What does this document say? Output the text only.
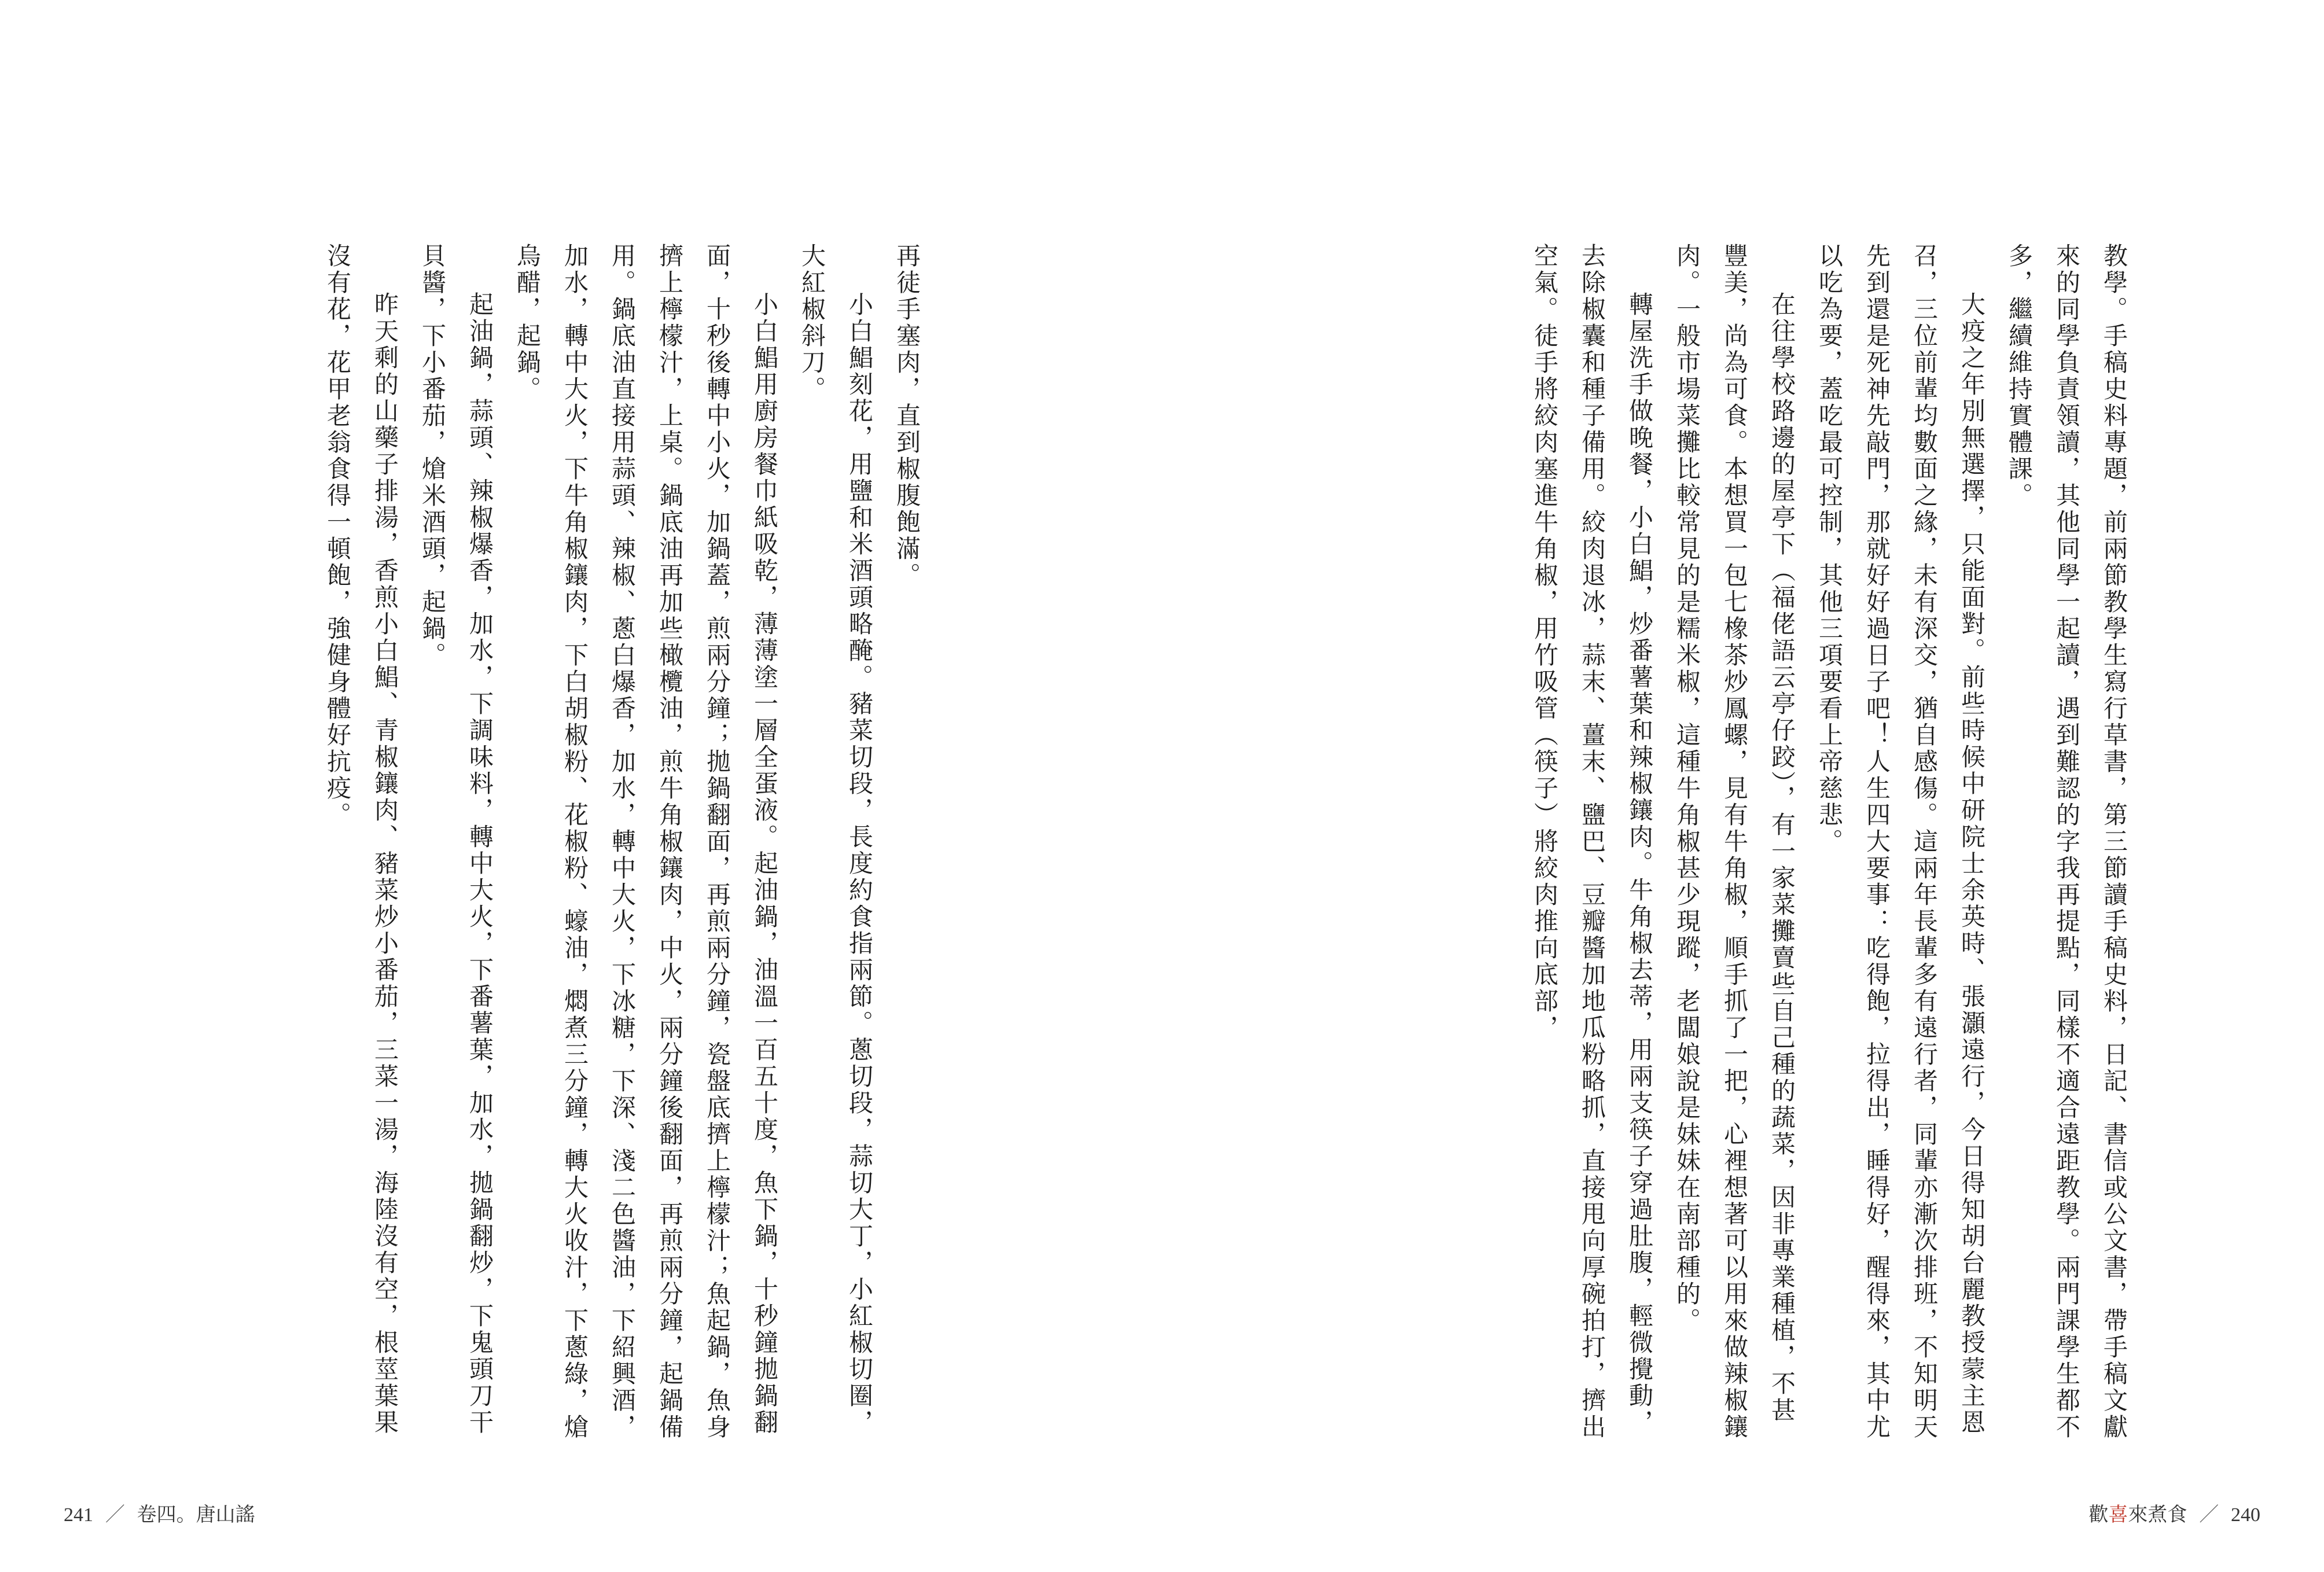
教學。手稿史料專題，前兩節教學生寫行草書，第三節讀手稿史料，日記、書信或公文書，帶手稿文獻來的同學負責領讀，其他同學一起讀，遇到難認的字我再提點，同樣不適合遠距教學。兩門課學生都不多，繼續維持實體課。

大疫之年別無選擇，只能面對。前些時候中研院士余英時、張灝遠行，今日得知胡台麗教授蒙主恩召，三位前輩均數面之緣，未有深交，猶自感傷。這兩年長輩多有遠行者，同輩亦漸次排班，不知明天先到還是死神先敲門，那就好好過日子吧！人生四大要事：吃得飽，拉得出，睡得好，醒得來，其中尤以吃為要，蓋吃最可控制，其他三項要看上帝慈悲。

在往學校路邊的屋亭下（福佬語云亭仔跤），有一家菜攤賣些自己種的蔬菜，因非專業種植，不甚豐美，尚為可食。本想買一包七橡茶炒鳳螺，見有牛角椒，順手抓了一把，心裡想著可以用來做辣椒鑲肉。一般市場菜攤比較常見的是糯米椒，這種牛角椒甚少現蹤，老闆娘說是妹妹在南部種的。

轉屋洗手做晚餐，小白鯧，炒番薯葉和辣椒鑲肉。牛角椒去蒂，用兩支筷子穿過肚腹，輕微攪動，去除椒囊和種子備用。絞肉退冰，蒜末、薑末、鹽巴、豆瓣醬加地瓜粉略抓，直接甩向厚碗拍打，擠出空氣。徒手將絞肉塞進牛角椒，用竹吸管（筷子）將絞肉推向底部，

歡喜來煮食 ／ 240

再徒手塞肉，直到椒腹飽滿。

小白鯧刻花，用鹽和米酒頭略醃。豬菜切段，長度約食指兩節。蔥切段，蒜切大丁，小紅椒切圈，大紅椒斜刀。

小白鯧用廚房餐巾紙吸乾，薄薄塗一層全蛋液。起油鍋，油溫一百五十度，魚下鍋，十秒鐘拋鍋翻面，十秒後轉中小火，加鍋蓋，煎兩分鐘；拋鍋翻面，再煎兩分鐘，瓷盤底擠上檸檬汁；魚起鍋，魚身擠上檸檬汁，上桌。鍋底油再加些橄欖油，煎牛角椒鑲肉，中火，兩分鐘後翻面，再煎兩分鐘，起鍋備用。鍋底油直接用蒜頭、辣椒、蔥白爆香，加水，轉中大火，下冰糖，下深、淺二色醬油，下紹興酒，加水，轉中大火，下牛角椒鑲肉，下白胡椒粉、花椒粉、蠔油，燜煮三分鐘，轉大火收汁，下蔥綠，熗烏醋，起鍋。

起油鍋，蒜頭、辣椒爆香，加水，下調味料，轉中大火，下番薯葉，加水，拋鍋翻炒，下鬼頭刀干貝醬，下小番茄，熗米酒頭，起鍋。

昨天剩的山藥子排湯，香煎小白鯧、青椒鑲肉、豬菜炒小番茄，三菜一湯，海陸沒有空，根莖葉果沒有花，花甲老翁食得一頓飽，強健身體好抗疫。

241 ／ 卷四。唐山謠
